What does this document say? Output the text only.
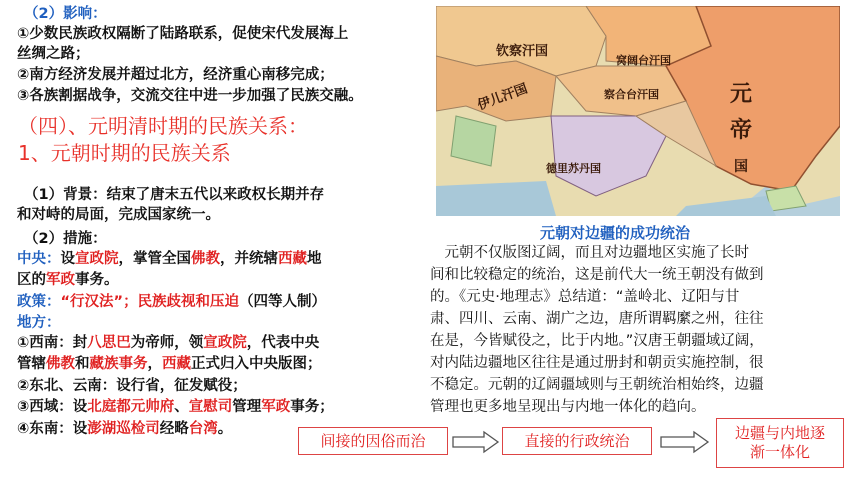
（2）影响：
①少数民族政权隔断了陆路联系，促使宋代发展海上
丝绸之路；
②南方经济发展并超过北方，经济重心南移完成；
③各族割据战争，交流交往中进一步加强了民族交融。
（四）、元明清时期的民族关系：
1、元朝时期的民族关系
（1）背景：结束了唐末五代以来政权长期并存
和对峙的局面，完成国家统一。
（2）措施：
中央：设宣政院，掌管全国佛教，并统辖西藏地
区的军政事务。
政策：“行汉法”；民族歧视和压迫（四等人制）
地方：
①西南：封八思巴为帝师，领宣政院，代表中央
管辖佛教和藏族事务，西藏正式归入中央版图；
②东北、云南：设行省，征发赋役；
③西域：设北庭都元帅府、宣慰司管理军政事务；
④东南：设澎湖巡检司经略台湾。
钦察汗国
伊儿汗国	察合台汗国
窝阔台汗国
德里苏丹国
元
帝
国
元朝对边疆的成功统治
　元朝不仅版图辽阔，而且对边疆地区实施了长时
间和比较稳定的统治，这是前代大一统王朝没有做到
的。《元史·地理志》总结道：“盖岭北、辽阳与甘
肃、四川、云南、湖广之边，唐所谓羁縻之州，往往
在是，今皆赋役之，比于内地。”汉唐王朝疆域辽阔，
对内陆边疆地区往往是通过册封和朝贡实施控制，很
不稳定。元朝的辽阔疆域则与王朝统治相始终，边疆
管理也更多地呈现出与内地一体化的趋向。
间接的因俗而治	直接的行政统治	边疆与内地逐
渐一体化
